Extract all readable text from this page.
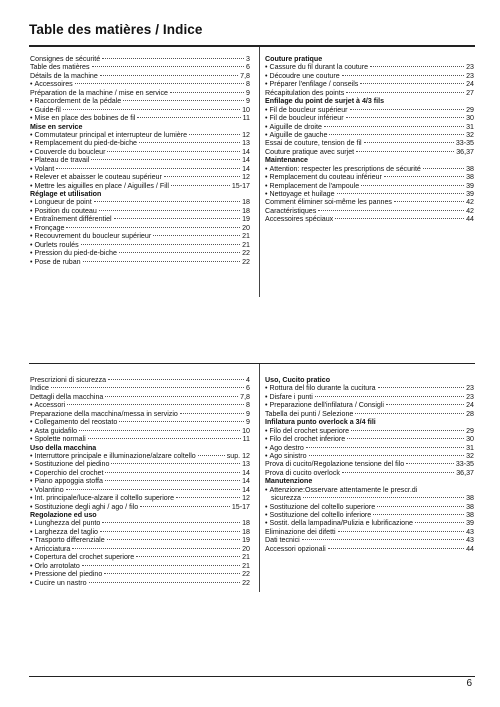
Table des matières / Indice
Consignes de sécurité	3
Table des matières	6
Détails de la machine	7,8
• Accessoires	8
Préparation de la machine / mise en service	9
• Raccordement de la pédale	9
• Guide-fil	10
• Mise en place des bobines de fil	11
Mise en service
• Commutateur principal et interrupteur de lumière	12
• Remplacement du pied-de-biche	13
• Couvercle du boucleur	14
• Plateau de travail	14
• Volant	14
• Relever et abaisser le couteau supérieur	12
• Mettre les aiguilles en place / Aiguilles / Fill	15-17
Réglage et utilisation
• Longueur de point	18
• Position du couteau	18
• Entraînement différentiel	19
• Fronçage	20
• Recouvrement du boucleur supérieur	21
• Ourlets roulés	21
• Pression du pied-de-biche	22
• Pose de ruban	22
Couture pratique
• Cassure du fil durant la couture	23
• Découdre une couture	23
• Préparer l'enfilage / conseils	24
Récapitulation des points	27
Enfilage du point de surjet à 4/3 fils
• Fil de boucleur supérieur	29
• Fil de boucleur inférieur	30
• Aiguille de droite	31
• Aiguille de gauche	32
Essai de couture, tension de fil	33-35
Couture pratique avec surjet	36,37
Maintenance
• Attention: respecter les prescriptions de sécurité	38
• Remplacement du couteau inférieur	38
• Remplacement de l'ampoule	39
• Nettoyage et huilage	39
Comment éliminer soi-même les pannes	42
Caractéristiques	42
Accessoires spéciaux	44
Prescrizioni di sicurezza	4
Indice	6
Dettagli della macchina	7,8
• Accessori	8
Preparazione della macchina/messa in servizio	9
• Collegamento del reostato	9
• Asta guidafilo	10
• Spolette normali	11
Uso della macchina
• Interruttore principale e illuminazione/alzare coltello	sup. 12
• Sostituzione del piedino	13
• Coperchio del crochet	14
• Piano appoggia stoffa	14
• Volantino	14
• Int. principale/luce-alzare il coltello superiore	12
• Sostituzione degli aghi / ago / filo	15-17
Regolazione ed uso
• Lunghezza del punto	18
• Larghezza del taglio	18
• Trasporto differenziale	19
• Arricciatura	20
• Copertura del crochet superiore	21
• Orlo arrotolato	21
• Pressione del piedino	22
• Cucire un nastro	22
Uso, Cucito pratico
• Rottura del filo durante la cucitura	23
• Disfare i punti	23
• Preparazione dell'infilatura / Consigli	24
Tabella dei punti / Selezione	28
Infilatura punto overlock a 3/4 fili
• Filo del crochet superiore	29
• Filo del crochet inferiore	30
• Ago destro	31
• Ago sinistro	32
Prova di cucito/Regolazione tensione del filo	33-35
Prova di cucito overlock	36,37
Manutenzione
• Attenzione:Osservare attentamente le prescr.di
sicurezza	38
• Sostituzione del coltello superiore	38
• Sostituzione del coltello inferiore	38
• Sostit. della lampadina/Pulizia e lubrificazione	39
Eliminazione dei difetti	43
Dati tecnici	43
Accessori opzionali	44
6
